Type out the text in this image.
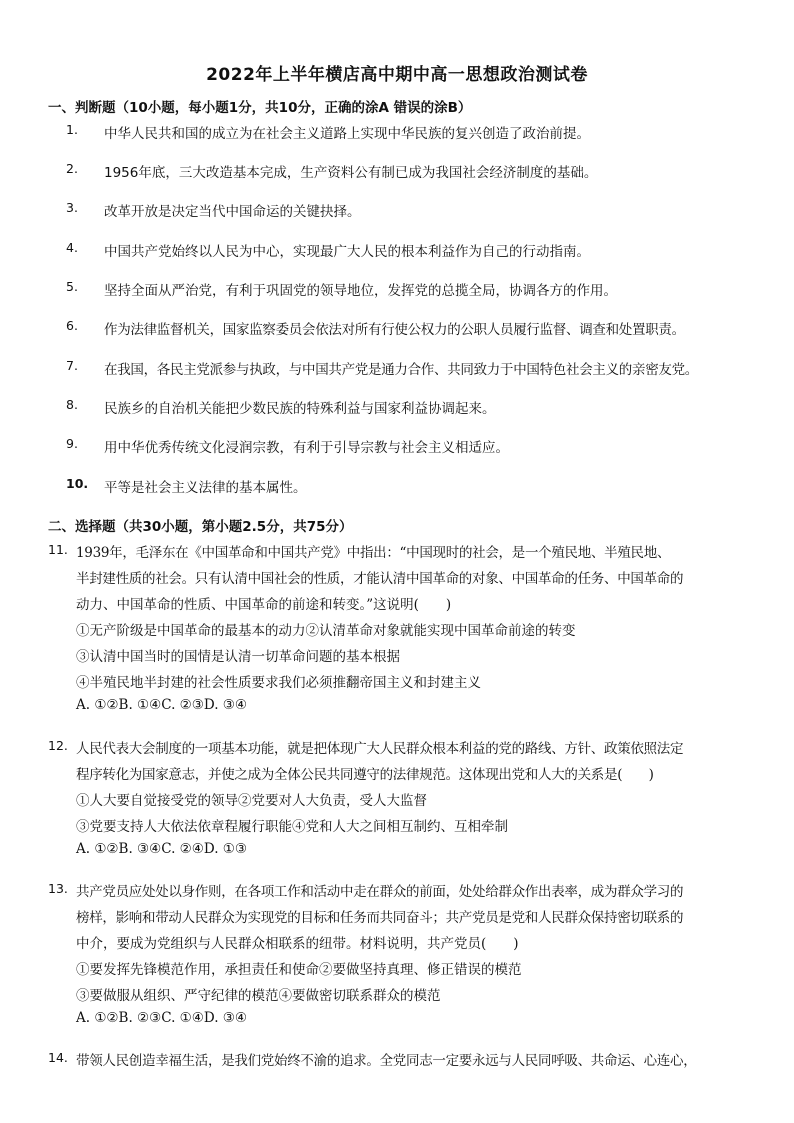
2022年上半年横店高中期中高一思想政治测试卷
一、判断题（10小题，每小题1分，共10分，正确的涂A 错误的涂B）
1.	中华人民共和国的成立为在社会主义道路上实现中华民族的复兴创造了政治前提。
2.	1956年底，三大改造基本完成，生产资料公有制已成为我国社会经济制度的基础。
3.	改革开放是决定当代中国命运的关键抉择。
4.	中国共产党始终以人民为中心，实现最广大人民的根本利益作为自己的行动指南。
5.	坚持全面从严治党，有利于巩固党的领导地位，发挥党的总揽全局，协调各方的作用。
6.	作为法律监督机关，国家监察委员会依法对所有行使公权力的公职人员履行监督、调查和处置职责。
7.	在我国，各民主党派参与执政，与中国共产党是通力合作、共同致力于中国特色社会主义的亲密友党。
8.	民族乡的自治机关能把少数民族的特殊利益与国家利益协调起来。
9.	用中华优秀传统文化浸润宗教，有利于引导宗教与社会主义相适应。
10. 平等是社会主义法律的基本属性。
二、选择题（共30小题，第小题2.5分，共75分）
11. 1939年，毛泽东在《中国革命和中国共产党》中指出：“中国现时的社会，是一个殖民地、半殖民地、
半封建性质的社会。只有认清中国社会的性质，才能认清中国革命的对象、中国革命的任务、中国革命的
动力、中国革命的性质、中国革命的前途和转变。”这说明(　　)
①无产阶级是中国革命的最基本的动力②认清革命对象就能实现中国革命前途的转变
③认清中国当时的国情是认清一切革命问题的基本根据
④半殖民地半封建的社会性质要求我们必须推翻帝国主义和封建主义
A. ①②B. ①④C. ②③D. ③④
12. 人民代表大会制度的一项基本功能，就是把体现广大人民群众根本利益的党的路线、方针、政策依照法定
程序转化为国家意志，并使之成为全体公民共同遵守的法律规范。这体现出党和人大的关系是(　　)
①人大要自觉接受党的领导②党要对人大负责，受人大监督
③党要支持人大依法依章程履行职能④党和人大之间相互制约、互相牵制
A. ①②B. ③④C. ②④D. ①③
13. 共产党员应处处以身作则，在各项工作和活动中走在群众的前面，处处给群众作出表率，成为群众学习的
榜样，影响和带动人民群众为实现党的目标和任务而共同奋斗；共产党员是党和人民群众保持密切联系的
中介，要成为党组织与人民群众相联系的纽带。材料说明，共产党员(　　)
①要发挥先锋模范作用，承担责任和使命②要做坚持真理、修正错误的模范
③要做服从组织、严守纪律的模范④要做密切联系群众的模范
A. ①②B. ②③C. ①④D. ③④
14. 带领人民创造幸福生活，是我们党始终不渝的追求。全党同志一定要永远与人民同呼吸、共命运、心连心，
